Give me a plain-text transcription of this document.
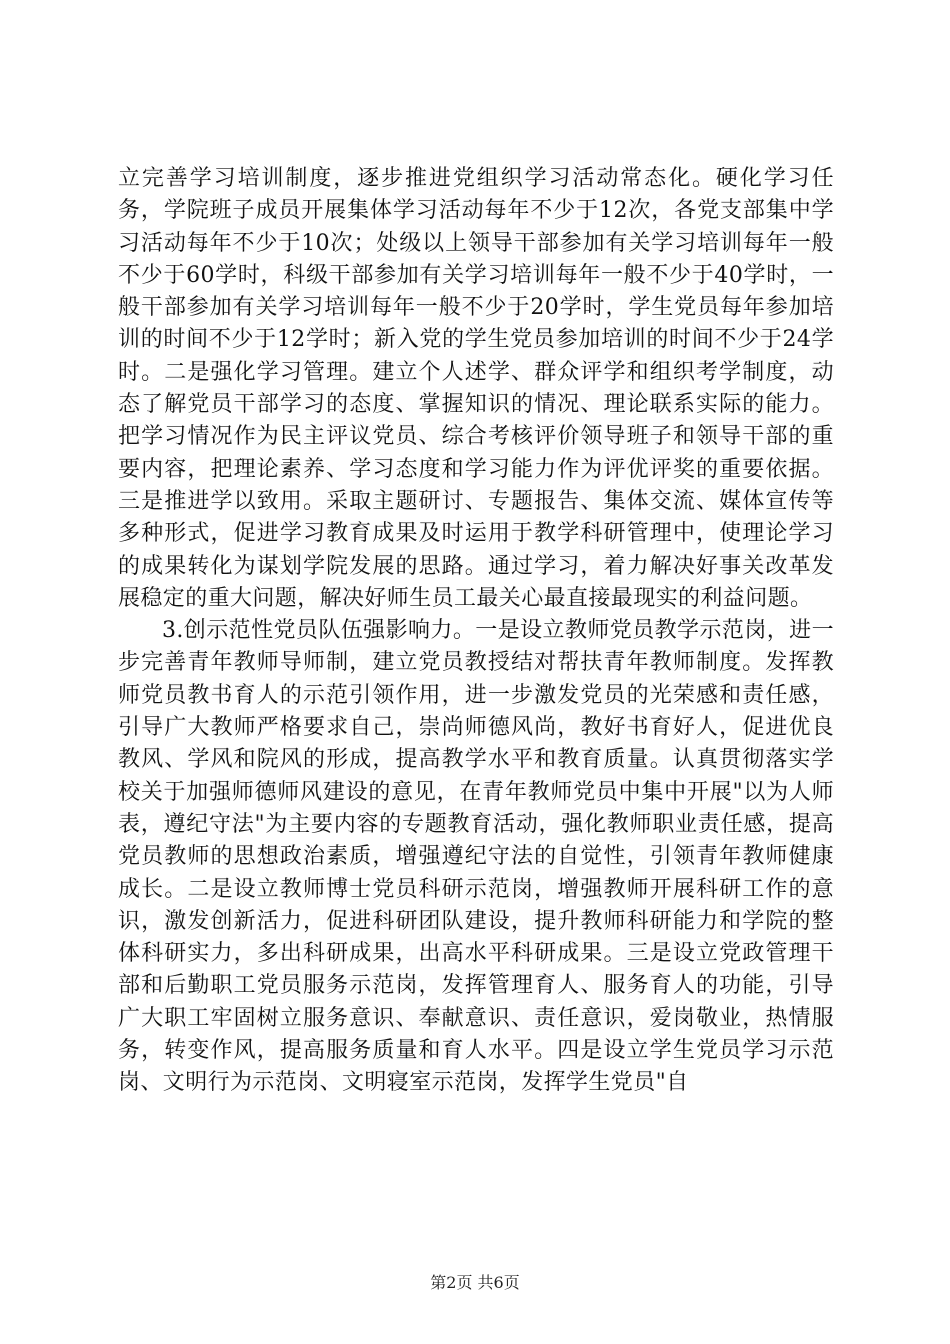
立完善学习培训制度，逐步推进党组织学习活动常态化。硬化学习任务，学院班子成员开展集体学习活动每年不少于12次，各党支部集中学习活动每年不少于10次；处级以上领导干部参加有关学习培训每年一般不少于60学时，科级干部参加有关学习培训每年一般不少于40学时，一般干部参加有关学习培训每年一般不少于20学时，学生党员每年参加培训的时间不少于12学时；新入党的学生党员参加培训的时间不少于24学时。二是强化学习管理。建立个人述学、群众评学和组织考学制度，动态了解党员干部学习的态度、掌握知识的情况、理论联系实际的能力。把学习情况作为民主评议党员、综合考核评价领导班子和领导干部的重要内容，把理论素养、学习态度和学习能力作为评优评奖的重要依据。三是推进学以致用。采取主题研讨、专题报告、集体交流、媒体宣传等多种形式，促进学习教育成果及时运用于教学科研管理中，使理论学习的成果转化为谋划学院发展的思路。通过学习，着力解决好事关改革发展稳定的重大问题，解决好师生员工最关心最直接最现实的利益问题。

3.创示范性党员队伍强影响力。一是设立教师党员教学示范岗，进一步完善青年教师导师制，建立党员教授结对帮扶青年教师制度。发挥教师党员教书育人的示范引领作用，进一步激发党员的光荣感和责任感，引导广大教师严格要求自己，崇尚师德风尚，教好书育好人，促进优良教风、学风和院风的形成，提高教学水平和教育质量。认真贯彻落实学校关于加强师德师风建设的意见，在青年教师党员中集中开展"以为人师表，遵纪守法"为主要内容的专题教育活动，强化教师职业责任感，提高党员教师的思想政治素质，增强遵纪守法的自觉性，引领青年教师健康成长。二是设立教师博士党员科研示范岗，增强教师开展科研工作的意识，激发创新活力，促进科研团队建设，提升教师科研能力和学院的整体科研实力，多出科研成果，出高水平科研成果。三是设立党政管理干部和后勤职工党员服务示范岗，发挥管理育人、服务育人的功能，引导广大职工牢固树立服务意识、奉献意识、责任意识，爱岗敬业，热情服务，转变作风，提高服务质量和育人水平。四是设立学生党员学习示范岗、文明行为示范岗、文明寝室示范岗，发挥学生党员"自

第2页 共6页
